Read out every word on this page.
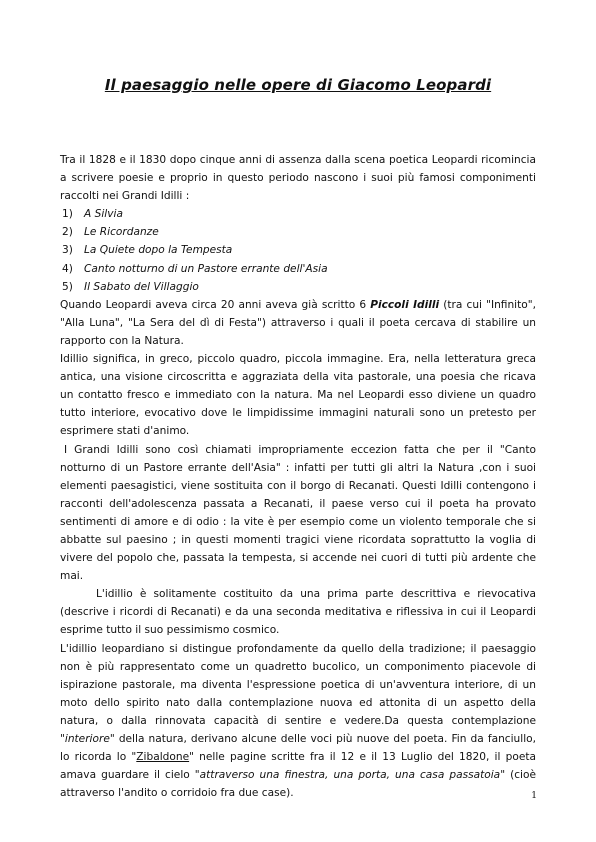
Il paesaggio nelle opere di Giacomo Leopardi

Tra il 1828 e il 1830 dopo cinque anni di assenza dalla scena poetica Leopardi ricomincia a scrivere poesie e proprio in questo periodo nascono i suoi più famosi componimenti raccolti nei Grandi Idilli :

1) A Silvia
2) Le Ricordanze
3) La Quiete dopo la Tempesta
4) Canto notturno di un Pastore errante dell'Asia
5) Il Sabato del Villaggio

Quando Leopardi aveva circa 20 anni aveva già scritto 6 Piccoli Idilli (tra cui "Infinito", "Alla Luna", "La Sera del dì di Festa") attraverso i quali il poeta cercava di stabilire un rapporto con la Natura.

Idillio significa, in greco, piccolo quadro, piccola immagine. Era, nella letteratura greca antica, una visione circoscritta e aggraziata della vita pastorale, una poesia che ricava un contatto fresco e immediato con la natura. Ma nel Leopardi esso diviene un quadro tutto interiore, evocativo dove le limpidissime immagini naturali sono un pretesto per esprimere stati d'animo.

I Grandi Idilli sono così chiamati impropriamente eccezion fatta che per il "Canto notturno di un Pastore errante dell'Asia" : infatti per tutti gli altri la Natura ,con i suoi elementi paesagistici, viene sostituita con il borgo di Recanati. Questi Idilli contengono i racconti dell'adolescenza passata a Recanati, il paese verso cui il poeta ha provato sentimenti di amore e di odio : la vite è per esempio come un violento temporale che si abbatte sul paesino ; in questi momenti tragici viene ricordata soprattutto la voglia di vivere del popolo che, passata la tempesta, si accende nei cuori di tutti più ardente che mai.

L'idillio è solitamente costituito da una prima parte descrittiva e rievocativa (descrive i ricordi di Recanati) e da una seconda meditativa e riflessiva in cui il Leopardi esprime tutto il suo pessimismo cosmico.

L'idillio leopardiano si distingue profondamente da quello della tradizione; il paesaggio non è più rappresentato come un quadretto bucolico, un componimento piacevole di ispirazione pastorale, ma diventa l'espressione poetica di un'avventura interiore, di un moto dello spirito nato dalla contemplazione nuova ed attonita di un aspetto della natura, o dalla rinnovata capacità di sentire e vedere.Da questa contemplazione "interiore" della natura, derivano alcune delle voci più nuove del poeta. Fin da fanciullo, lo ricorda lo "Zibaldone" nelle pagine scritte fra il 12 e il 13 Luglio del 1820, il poeta amava guardare il cielo "attraverso una finestra, una porta, una casa passatoia" (cioè attraverso l'andito o corridoio fra due case).	1
